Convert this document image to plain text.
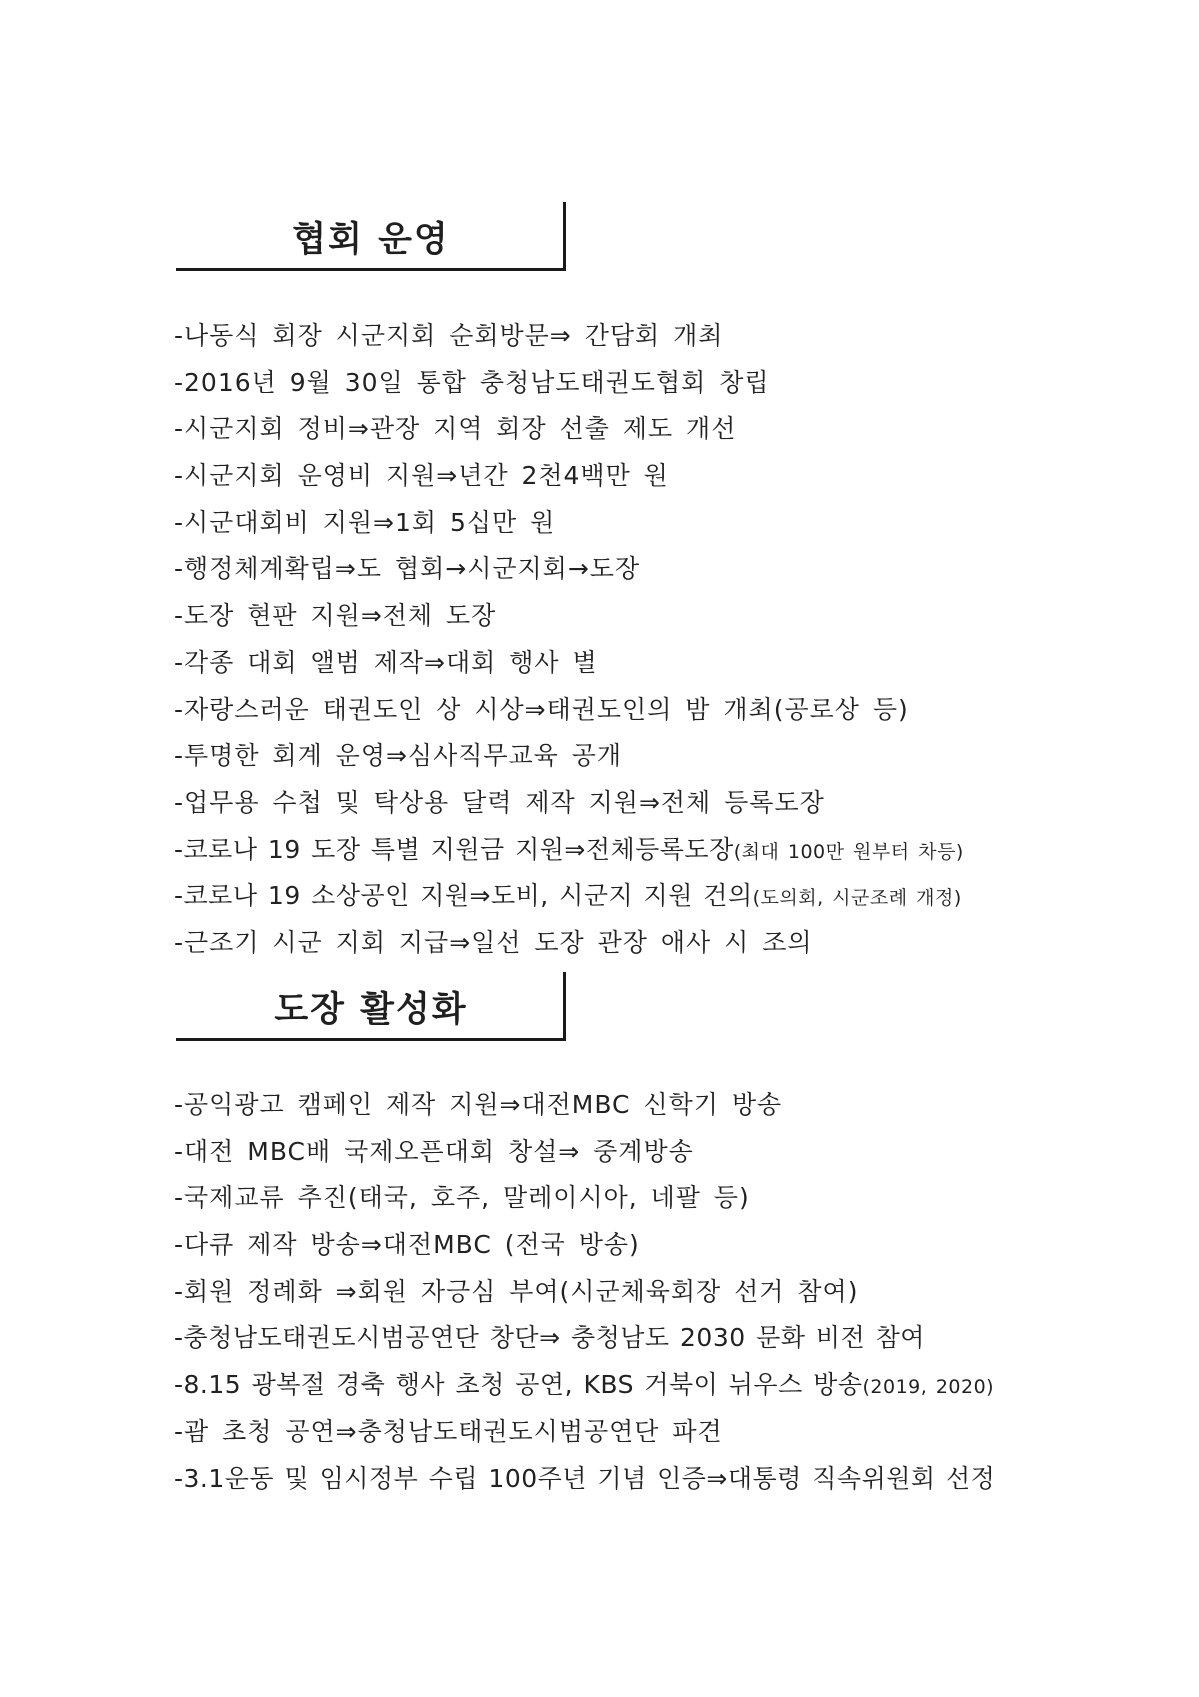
협회 운영
-나동식 회장 시군지회 순회방문⇒ 간담회 개최
-2016년 9월 30일 통합 충청남도태권도협회 창립
-시군지회 정비⇒관장 지역 회장 선출 제도 개선
-시군지회 운영비 지원⇒년간 2천4백만 원
-시군대회비 지원⇒1회 5십만 원
-행정체계확립⇒도 협회→시군지회→도장
-도장 현판 지원⇒전체 도장
-각종 대회 앨범 제작⇒대회 행사 별
-자랑스러운 태권도인 상 시상⇒태권도인의 밤 개최(공로상 등)
-투명한 회계 운영⇒심사직무교육 공개
-업무용 수첩 및 탁상용 달력 제작 지원⇒전체 등록도장
-코로나 19 도장 특별 지원금 지원⇒전체등록도장(최대 100만 원부터 차등)
-코로나 19 소상공인 지원⇒도비, 시군지 지원 건의(도의회, 시군조례 개정)
-근조기 시군 지회 지급⇒일선 도장 관장 애사 시 조의
도장 활성화
-공익광고 캠페인 제작 지원⇒대전MBC 신학기 방송
-대전 MBC배 국제오픈대회 창설⇒ 중계방송
-국제교류 추진(태국, 호주, 말레이시아, 네팔 등)
-다큐 제작 방송⇒대전MBC (전국 방송)
-회원 정례화 ⇒회원 자긍심 부여(시군체육회장 선거 참여)
-충청남도태권도시범공연단 창단⇒ 충청남도 2030 문화 비전 참여
-8.15 광복절 경축 행사 초청 공연, KBS 거북이 뉘우스 방송(2019, 2020)
-괌 초청 공연⇒충청남도태권도시범공연단 파견
-3.1운동 및 임시정부 수립 100주년 기념 인증⇒대통령 직속위원회 선정
